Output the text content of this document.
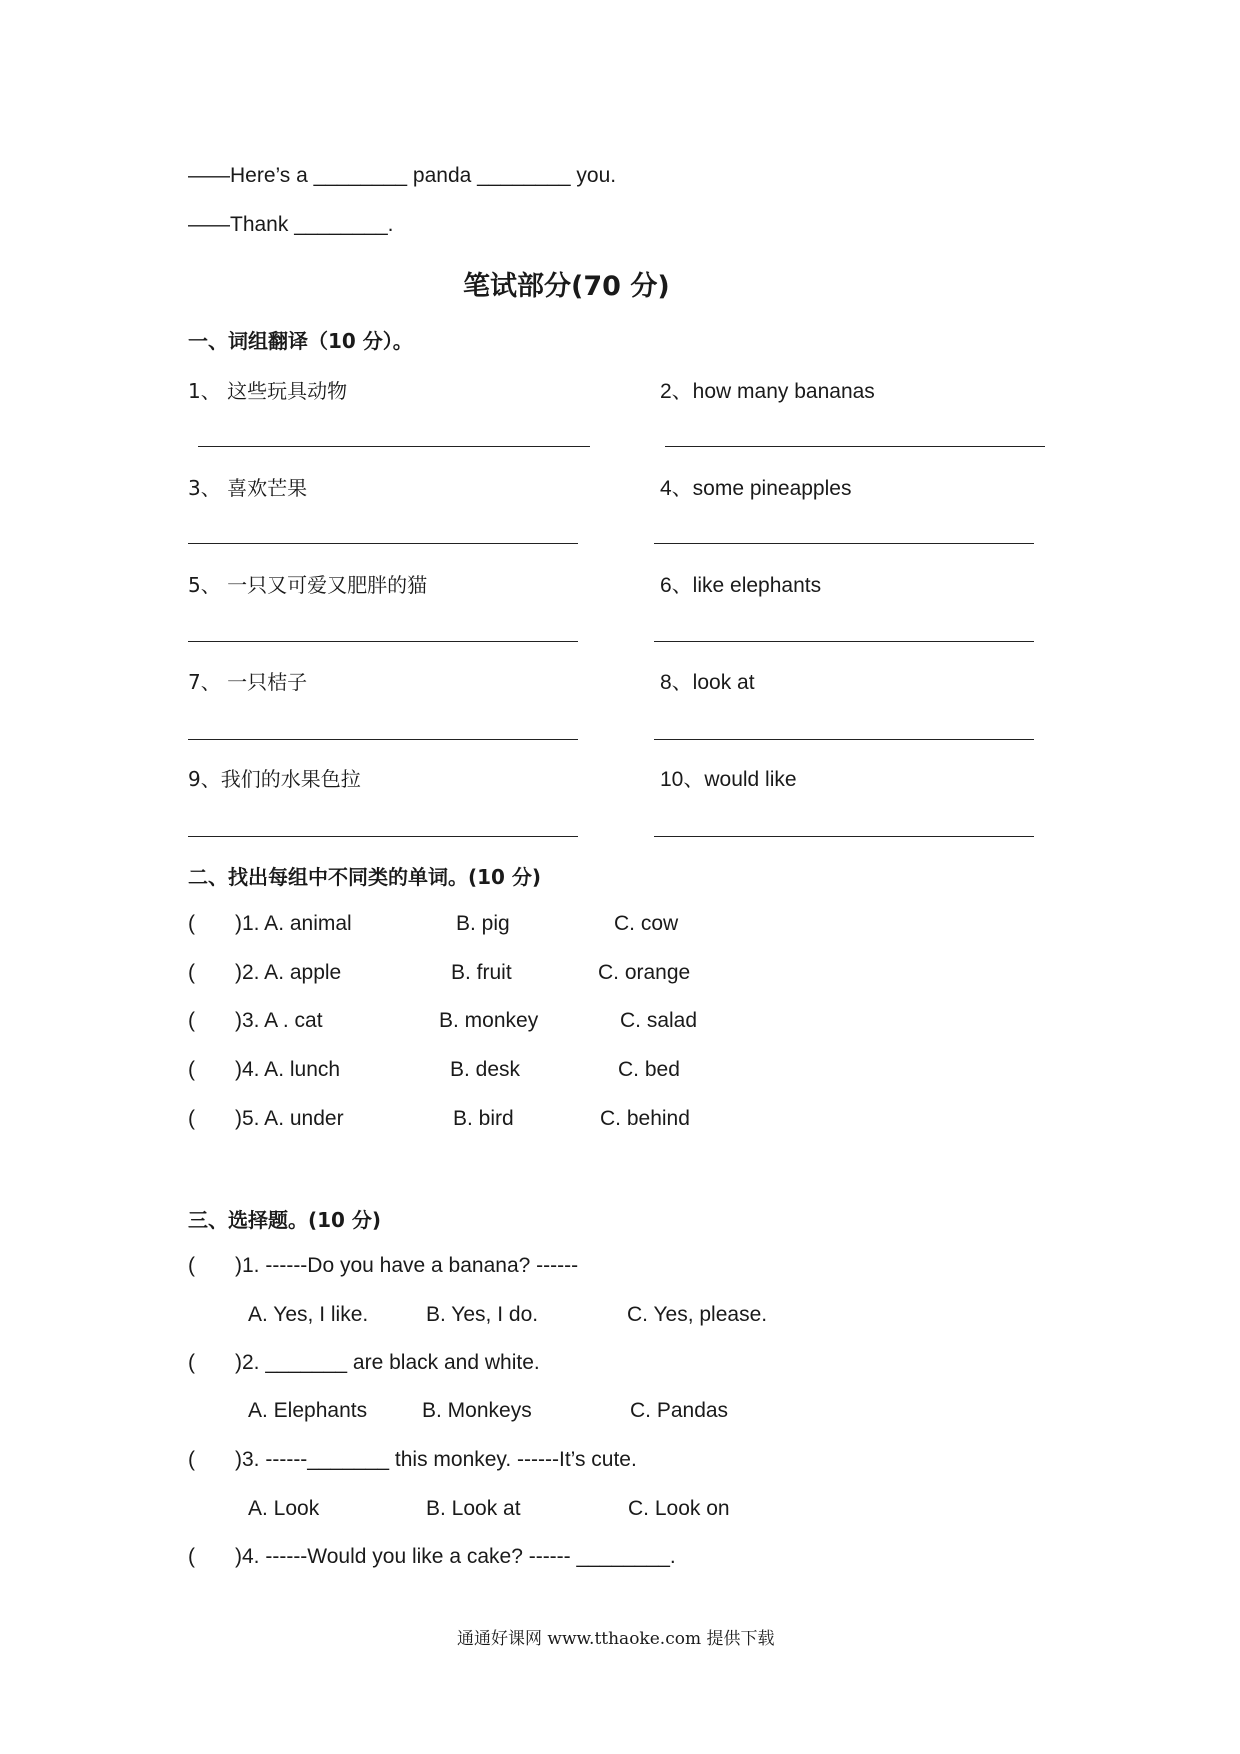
——Here’s a ________ panda ________ you.
——Thank ________.
笔试部分(70 分)
一、词组翻译（10 分）。
1、 这些玩具动物	2、how many bananas
3、 喜欢芒果	4、some pineapples
5、 一只又可爱又肥胖的猫	6、like elephants
7、 一只桔子	8、look at
9、我们的水果色拉	10、would like
二、找出每组中不同类的单词。(10 分)
( )1. A. animal	B. pig	C. cow
( )2. A. apple	B. fruit	C. orange
( )3. A . cat	B. monkey	C. salad
( )4. A. lunch	B. desk	C. bed
( )5. A. under	B. bird	C. behind
三、选择题。(10 分)
( )1. ------Do you have a banana? ------
A. Yes, I like.	B. Yes, I do.	C. Yes, please.
( )2. _______ are black and white.
A. Elephants	B. Monkeys	C. Pandas
( )3. ------_______ this monkey. ------It’s cute.
A. Look	B. Look at	C. Look on
( )4. ------Would you like a cake? ------ ________.
通通好课网 www.tthaoke.com 提供下载
